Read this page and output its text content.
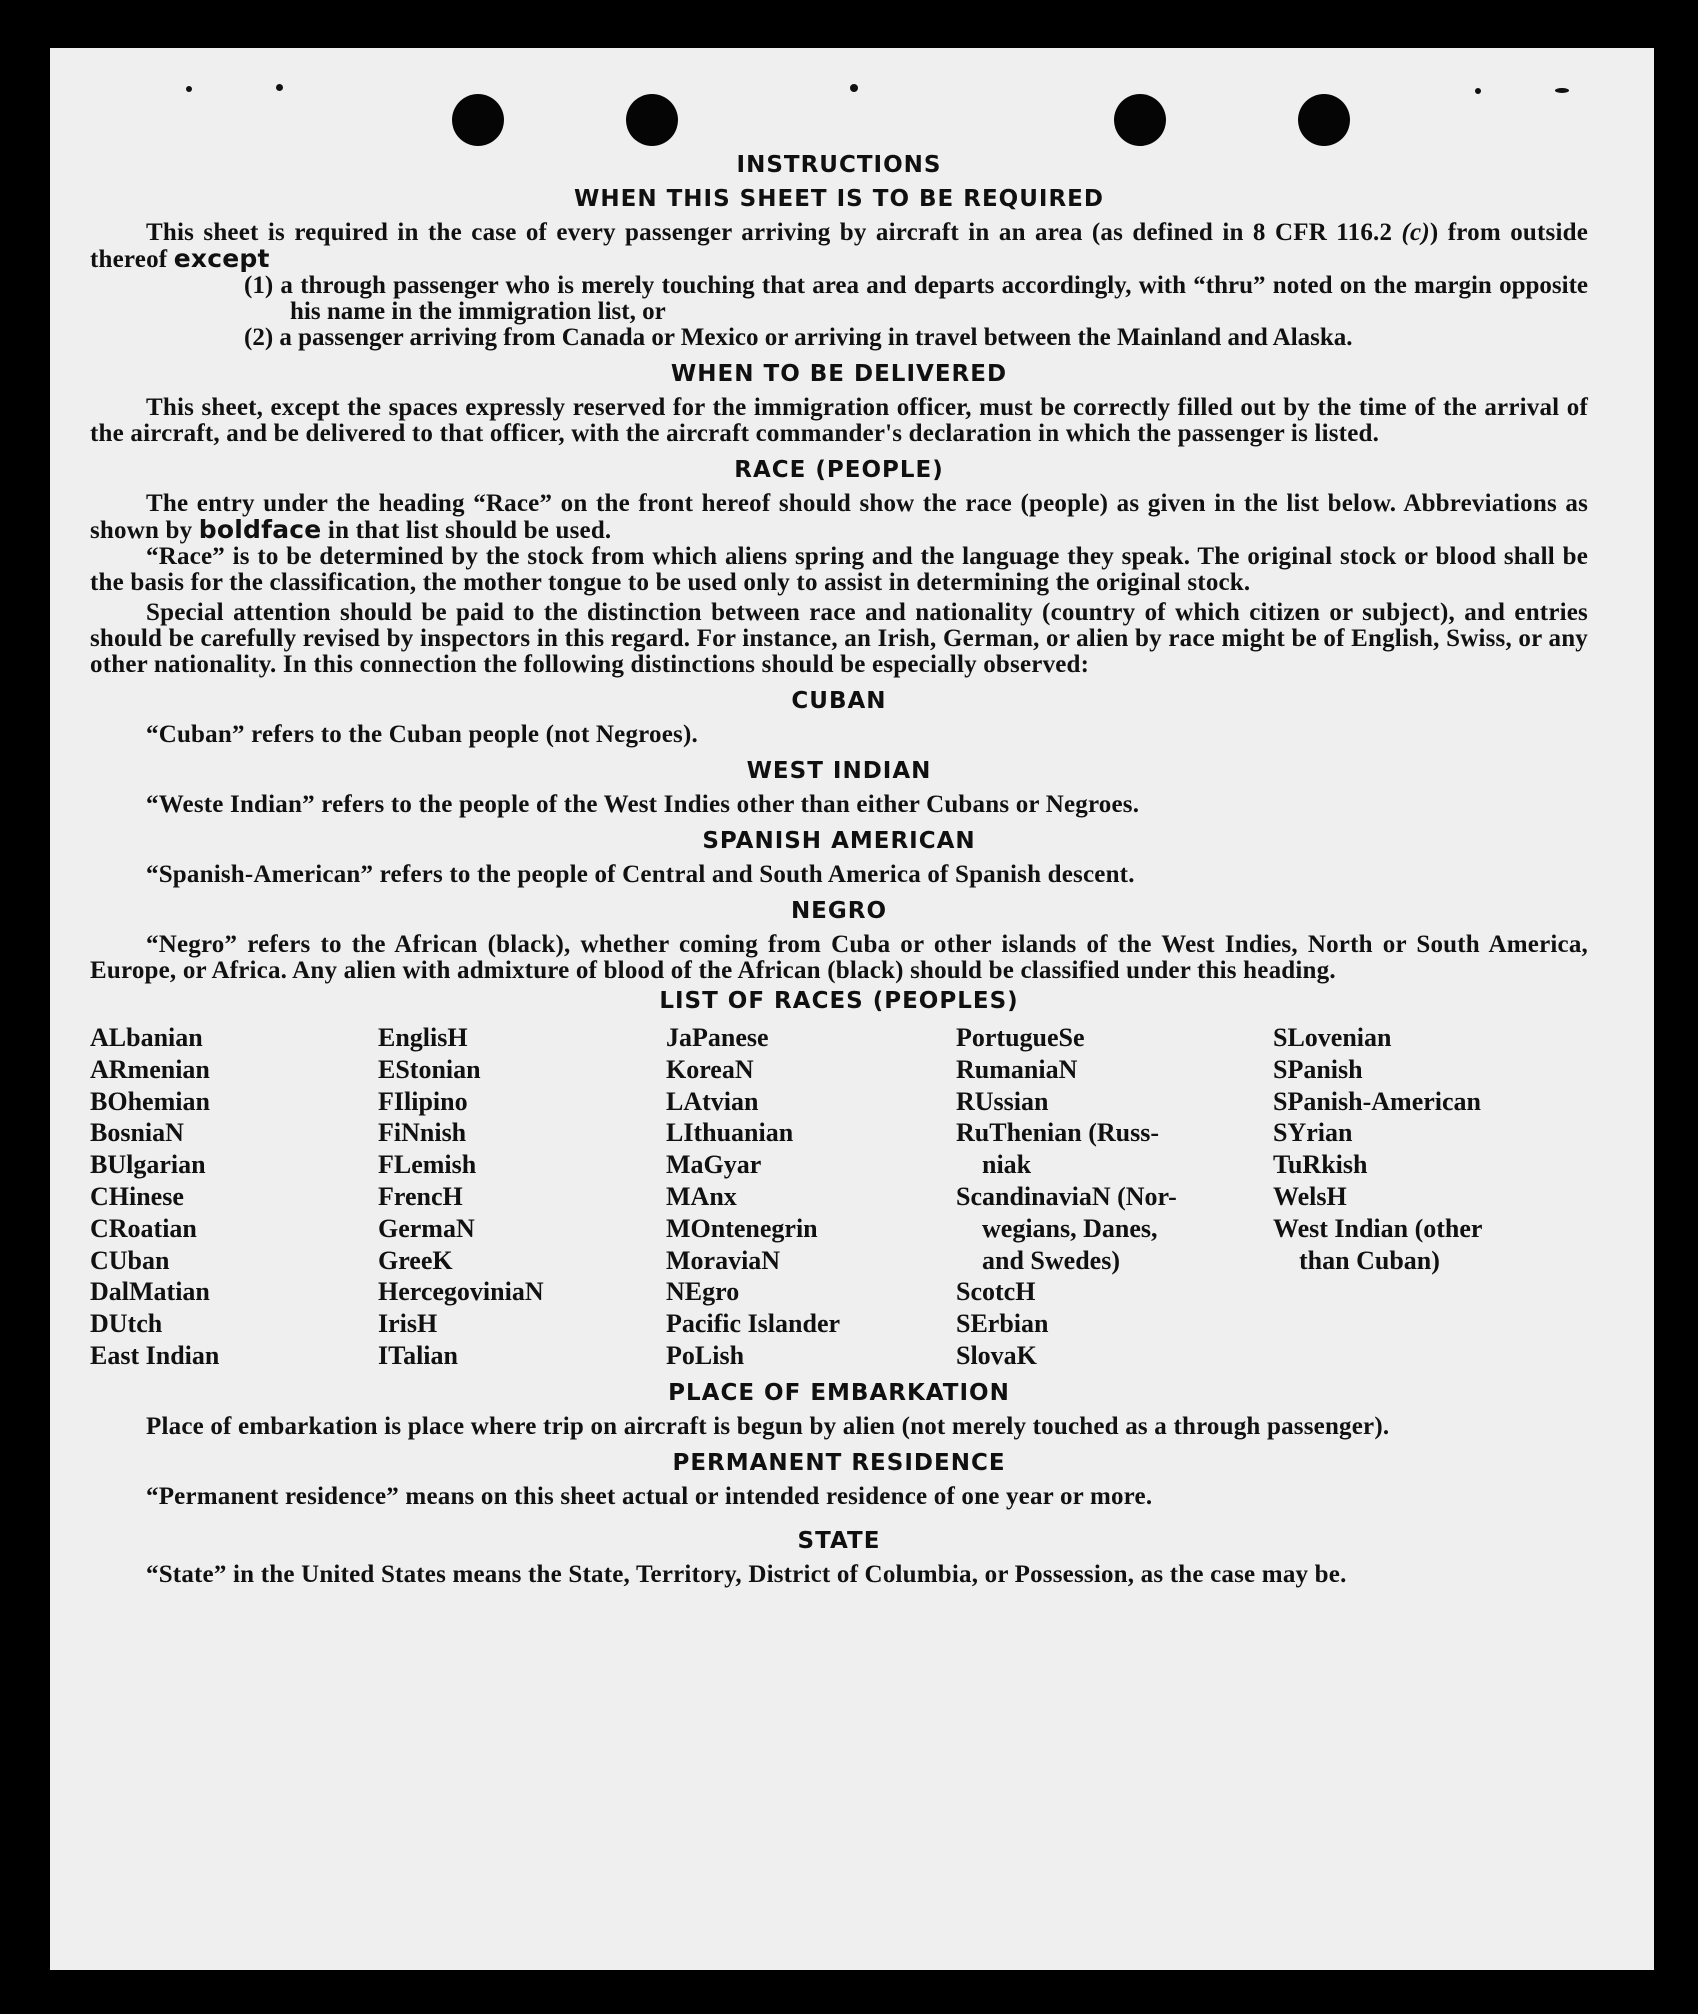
INSTRUCTIONS
WHEN THIS SHEET IS TO BE REQUIRED

This sheet is required in the case of every passenger arriving by aircraft in an area (as defined in 8 CFR 116.2 (c)) from outside thereof except

(1) a through passenger who is merely touching that area and departs accordingly, with “thru” noted on the margin opposite his name in the immigration list, or

(2) a passenger arriving from Canada or Mexico or arriving in travel between the Mainland and Alaska.

WHEN TO BE DELIVERED

This sheet, except the spaces expressly reserved for the immigration officer, must be correctly filled out by the time of the arrival of the aircraft, and be delivered to that officer, with the aircraft commander's declaration in which the passenger is listed.

RACE (PEOPLE)

The entry under the heading “Race” on the front hereof should show the race (people) as given in the list below. Abbreviations as shown by boldface in that list should be used.

“Race” is to be determined by the stock from which aliens spring and the language they speak. The original stock or blood shall be the basis for the classification, the mother tongue to be used only to assist in determining the original stock.

Special attention should be paid to the distinction between race and nationality (country of which citizen or subject), and entries should be carefully revised by inspectors in this regard. For instance, an Irish, German, or alien by race might be of English, Swiss, or any other nationality. In this connection the following distinctions should be especially observed:

CUBAN

“Cuban” refers to the Cuban people (not Negroes).

WEST INDIAN

“Weste Indian” refers to the people of the West Indies other than either Cubans or Negroes.

SPANISH AMERICAN

“Spanish-American” refers to the people of Central and South America of Spanish descent.

NEGRO

“Negro” refers to the African (black), whether coming from Cuba or other islands of the West Indies, North or South America, Europe, or Africa. Any alien with admixture of blood of the African (black) should be classified under this heading.

LIST OF RACES (PEOPLES)
ALbanian
ARmenian
BOhemian
BosniaN
BUlgarian
CHinese
CRoatian
CUban
DalMatian
DUtch
East Indian
EnglisH
EStonian
FIlipino
FiNnish
FLemish
FrencH
GermaN
GreeK
HercegoviniaN
IrisH
ITalian
JaPanese
KoreaN
LAtvian
LIthuanian
MaGyar
MAnx
MOntenegrin
MoraviaN
NEgro
Pacific Islander
PoLish
PortugueSe
RumaniaN
RUssian
RuThenian (Russ-
niak
ScandinaviaN (Nor-
wegians, Danes,
and Swedes)
ScotcH
SErbian
SlovaK
SLovenian
SPanish
SPanish-American
SYrian
TuRkish
WelsH
West Indian (other
than Cuban)
PLACE OF EMBARKATION

Place of embarkation is place where trip on aircraft is begun by alien (not merely touched as a through passenger).

PERMANENT RESIDENCE

“Permanent residence” means on this sheet actual or intended residence of one year or more.

STATE

“State” in the United States means the State, Territory, District of Columbia, or Possession, as the case may be.
